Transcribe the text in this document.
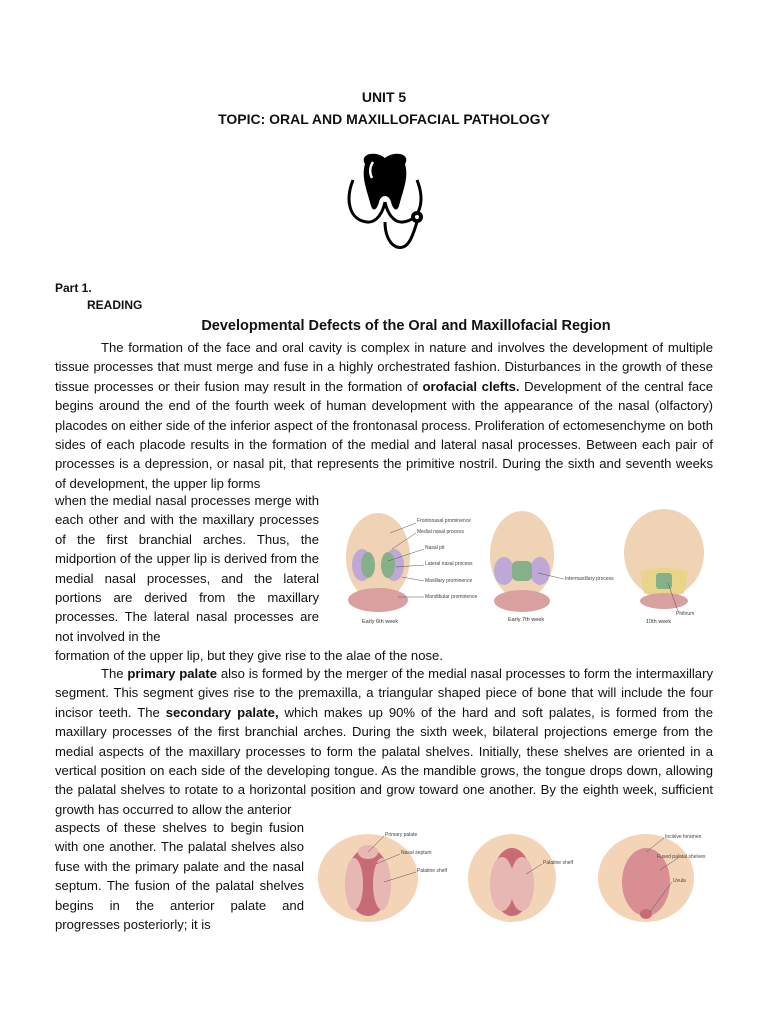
UNIT 5
TOPIC: ORAL AND MAXILLOFACIAL PATHOLOGY
Part 1.
READING
Developmental Defects of the Oral and Maxillofacial Region

The formation of the face and oral cavity is complex in nature and involves the development of multiple tissue processes that must merge and fuse in a highly orchestrated fashion. Disturbances in the growth of these tissue processes or their fusion may result in the formation of orofacial clefts. Development of the central face begins around the end of the fourth week of human development with the appearance of the nasal (olfactory) placodes on either side of the inferior aspect of the frontonasal process. Proliferation of ectomesenchyme on both sides of each placode results in the formation of the medial and lateral nasal processes. Between each pair of processes is a depression, or nasal pit, that represents the primitive nostril. During the sixth and seventh weeks of development, the upper lip forms

when the medial nasal processes merge with each other and with the maxillary processes of the first branchial arches. Thus, the midportion of the upper lip is derived from the medial nasal processes, and the lateral portions are derived from the maxillary processes. The lateral nasal processes are not involved in the
formation of the upper lip, but they give rise to the alae of the nose.
Frontonasal prominence
Medial nasal process
Nasal pit
Lateral nasal process
Maxillary prominence
Mandibular prominence
Intermaxillary process
Philtrum
Early 6th week	Early 7th week	10th week

The primary palate also is formed by the merger of the medial nasal processes to form the intermaxillary segment. This segment gives rise to the premaxilla, a triangular shaped piece of bone that will include the four incisor teeth. The secondary palate, which makes up 90% of the hard and soft palates, is formed from the maxillary processes of the first branchial arches. During the sixth week, bilateral projections emerge from the medial aspects of the maxillary processes to form the palatal shelves. Initially, these shelves are oriented in a vertical position on each side of the developing tongue. As the mandible grows, the tongue drops down, allowing the palatal shelves to rotate to a horizontal position and grow toward one another. By the eighth week, sufficient growth has occurred to allow the anterior

aspects of these shelves to begin fusion with one another. The palatal shelves also fuse with the primary palate and the nasal septum. The fusion of the palatal shelves begins in the anterior palate and progresses posteriorly; it is
Primary palate
Nasal septum
Palatine shelf
Palatine shelf
Incisive foramen
Fused palatal shelves
Uvula
